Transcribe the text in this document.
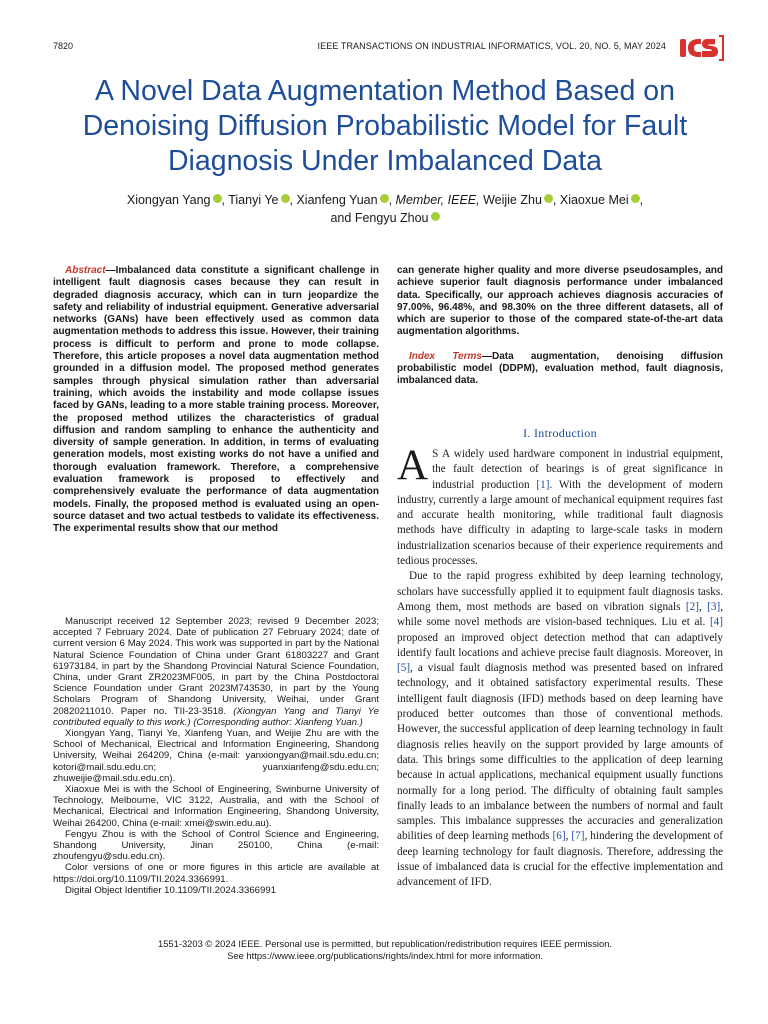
7820	IEEE TRANSACTIONS ON INDUSTRIAL INFORMATICS, VOL. 20, NO. 5, MAY 2024
A Novel Data Augmentation Method Based on Denoising Diffusion Probabilistic Model for Fault Diagnosis Under Imbalanced Data
Xiongyan Yang , Tianyi Ye , Xianfeng Yuan , Member, IEEE, Weijie Zhu , Xiaoxue Mei ,
and Fengyu Zhou
Abstract—Imbalanced data constitute a significant challenge in intelligent fault diagnosis cases because they can result in degraded diagnosis accuracy, which can in turn jeopardize the safety and reliability of industrial equipment. Generative adversarial networks (GANs) have been effectively used as common data augmentation methods to address this issue. However, their training process is difficult to perform and prone to mode collapse. Therefore, this article proposes a novel data augmentation method grounded in a diffusion model. The proposed method generates samples through physical simulation rather than adversarial training, which avoids the instability and mode collapse issues faced by GANs, leading to a more stable training process. Moreover, the proposed method utilizes the characteristics of gradual diffusion and random sampling to enhance the authenticity and diversity of sample generation. In addition, in terms of evaluating generation models, most existing works do not have a unified and thorough evaluation framework. Therefore, a comprehensive evaluation framework is proposed to effectively and comprehensively evaluate the performance of data augmentation models. Finally, the proposed method is evaluated using an open-source dataset and two actual testbeds to validate its effectiveness. The experimental results show that our method
can generate higher quality and more diverse pseudosamples, and achieve superior fault diagnosis performance under imbalanced data. Specifically, our approach achieves diagnosis accuracies of 97.00%, 96.48%, and 98.30% on the three different datasets, all of which are superior to those of the compared state-of-the-art data augmentation algorithms.
Index Terms—Data augmentation, denoising diffusion probabilistic model (DDPM), evaluation method, fault diagnosis, imbalanced data.
I. Introduction

A S A widely used hardware component in industrial equipment, the fault detection of bearings is of great significance in industrial production [1]. With the development of modern industry, currently a large amount of mechanical equipment requires fast and accurate health monitoring, while traditional fault diagnosis methods have difficulty in adapting to large-scale tasks in modern industrialization scenarios because of their experience requirements and tedious processes.

Due to the rapid progress exhibited by deep learning technology, scholars have successfully applied it to equipment fault diagnosis tasks. Among them, most methods are based on vibration signals [2], [3], while some novel methods are vision-based techniques. Liu et al. [4] proposed an improved object detection method that can adaptively identify fault locations and achieve precise fault diagnosis. Moreover, in [5], a visual fault diagnosis method was presented based on infrared technology, and it obtained satisfactory experimental results. These intelligent fault diagnosis (IFD) methods based on deep learning have produced better outcomes than those of conventional methods. However, the successful application of deep learning technology in fault diagnosis relies heavily on the support provided by large amounts of data. This brings some difficulties to the application of deep learning because in actual applications, mechanical equipment usually functions normally for a long period. The difficulty of obtaining fault samples finally leads to an imbalance between the numbers of normal and fault samples. This imbalance suppresses the accuracies and generalization abilities of deep learning methods [6], [7], hindering the development of deep learning technology for fault diagnosis. Therefore, addressing the issue of imbalanced data is crucial for the effective implementation and advancement of IFD.

Manuscript received 12 September 2023; revised 9 December 2023; accepted 7 February 2024. Date of publication 27 February 2024; date of current version 6 May 2024. This work was supported in part by the National Natural Science Foundation of China under Grant 61803227 and Grant 61973184, in part by the Shandong Provincial Natural Science Foundation, China, under Grant ZR2023MF005, in part by the China Postdoctoral Science Foundation under Grant 2023M743530, in part by the Young Scholars Program of Shandong University, Weihai, under Grant 20820211010. Paper no. TII-23-3518. (Xiongyan Yang and Tianyi Ye contributed equally to this work.) (Corresponding author: Xianfeng Yuan.)

Xiongyan Yang, Tianyi Ye, Xianfeng Yuan, and Weijie Zhu are with the School of Mechanical, Electrical and Information Engineering, Shandong University, Weihai 264209, China (e-mail: yanxiongyan@mail.sdu.edu.cn; kotori@mail.sdu.edu.cn; yuanxianfeng@sdu.edu.cn; zhuweijie@mail.sdu.edu.cn).

Xiaoxue Mei is with the School of Engineering, Swinburne University of Technology, Melbourne, VIC 3122, Australia, and with the School of Mechanical, Electrical and Information Engineering, Shandong University, Weihai 264200, China (e-mail: xmei@swin.edu.au).

Fengyu Zhou is with the School of Control Science and Engineering, Shandong University, Jinan 250100, China (e-mail: zhoufengyu@sdu.edu.cn).

Color versions of one or more figures in this article are available at https://doi.org/10.1109/TII.2024.3366991.

Digital Object Identifier 10.1109/TII.2024.3366991

1551-3203 © 2024 IEEE. Personal use is permitted, but republication/redistribution requires IEEE permission.
See https://www.ieee.org/publications/rights/index.html for more information.
